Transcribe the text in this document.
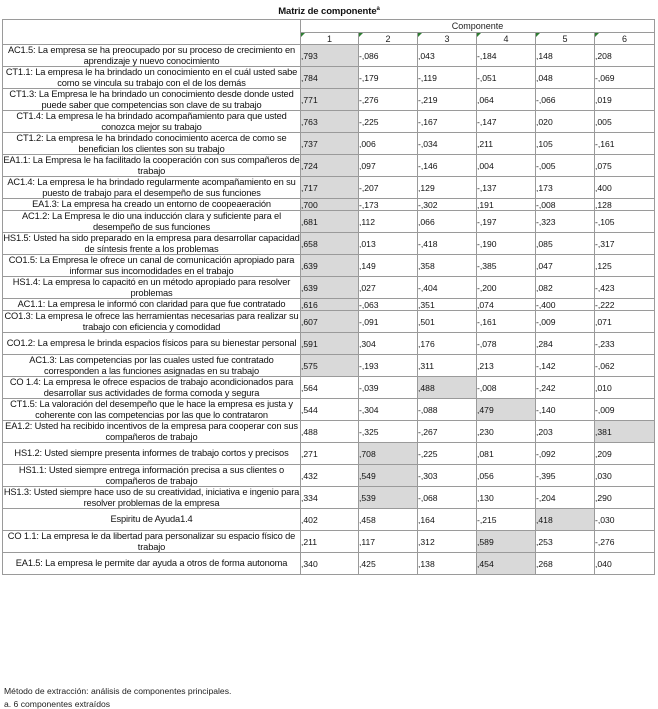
Matriz de componente$^a$
	Componente					

1	2	3	4	5	6
AC1.5: La empresa se ha preocupado por su proceso de crecimiento en aprendizaje y nuevo conocimiento	,793	-,086	,043	-,184	,148	,208
CT1.1: La empresa le ha brindado un conocimiento en el cuál usted sabe como se vincula su trabajo con el de los demás	,784	-,179	-,119	-,051	,048	-,069
CT1.3: La Empresa le ha brindado un conocimiento desde donde usted puede saber que competencias son clave de su trabajo	,771	-,276	-,219	,064	-,066	,019
CT1.4: La empresa le ha brindado acompañamiento para que usted conozca mejor su trabajo	,763	-,225	-,167	-,147	,020	,005
CT1.2: La empresa le ha brindado conocimiento acerca de como se benefician los clientes son su trabajo	,737	,006	-,034	,211	,105	-,161
EA1.1: La Empresa le ha facilitado la cooperación con sus compañeros de trabajo	,724	,097	-,146	,004	-,005	,075
AC1.4: La empresa le ha brindado regularmente acompañamiento en su puesto de trabajo para el desempeño de sus funciones	,717	-,207	,129	-,137	,173	,400
EA1.3: La empresa ha creado un entorno de coopeaeración	,700	-,173	-,302	,191	-,008	,128
AC1.2: La Empresa le dio una inducción clara y suficiente para el desempeño de sus funciones	,681	,112	,066	-,197	-,323	-,105
HS1.5: Usted ha sido preparado en la empresa para desarrollar capacidad de síntesis frente a los problemas	,658	,013	-,418	-,190	,085	-,317
CO1.5: La Empresa le ofrece un canal de comunicación apropiado para informar sus incomodidades en el trabajo	,639	,149	,358	-,385	,047	,125
HS1.4: La empresa lo capacitó en un método apropiado para resolver problemas	,639	,027	-,404	-,200	,082	-,423
AC1.1: La empresa le informó con claridad para que fue contratado	,616	-,063	,351	,074	-,400	-,222
CO1.3: La empresa le ofrece las herramientas necesarias para realizar su trabajo con eficiencia y comodidad	,607	-,091	,501	-,161	-,009	,071
CO1.2: La empresa le brinda espacios físicos para su bienestar personal	,591	,304	,176	-,078	,284	-,233
AC1.3: Las competencias por las cuales usted fue contratado corresponden a las funciones asignadas en su trabajo	,575	-,193	,311	,213	-,142	-,062
CO 1.4: La empresa le ofrece espacios de trabajo acondicionados para desarrollar sus actividades de forma comoda y segura	,564	-,039	,488	-,008	-,242	,010
CT1.5: La valoración del desempeño que le hace la empresa es justa y coherente con las competencias por las que lo contrataron	,544	-,304	-,088	,479	-,140	-,009
EA1.2: Usted ha recibido incentivos de la empresa para cooperar con sus compañeros de trabajo	,488	-,325	-,267	,230	,203	,381
HS1.2: Usted siempre presenta informes de trabajo cortos y precisos	,271	,708	-,225	,081	-,092	,209
HS1.1: Usted siempre entrega información precisa a sus clientes o compañeros de trabajo	,432	,549	-,303	,056	-,395	,030
HS1.3: Usted siempre hace uso de su creatividad, iniciativa e ingenio para resolver problemas de la empresa	,334	,539	-,068	,130	-,204	,290
Espiritu de Ayuda1.4	,402	,458	,164	-,215	,418	-,030
CO 1.1: La empresa le da libertad para personalizar su espacio físico de trabajo	,211	,117	,312	,589	,253	-,276
EA1.5: La empresa le permite dar ayuda a otros de forma autonoma	,340	,425	,138	,454	,268	,040
Método de extracción: análisis de componentes principales.
a. 6 componentes extraídos
